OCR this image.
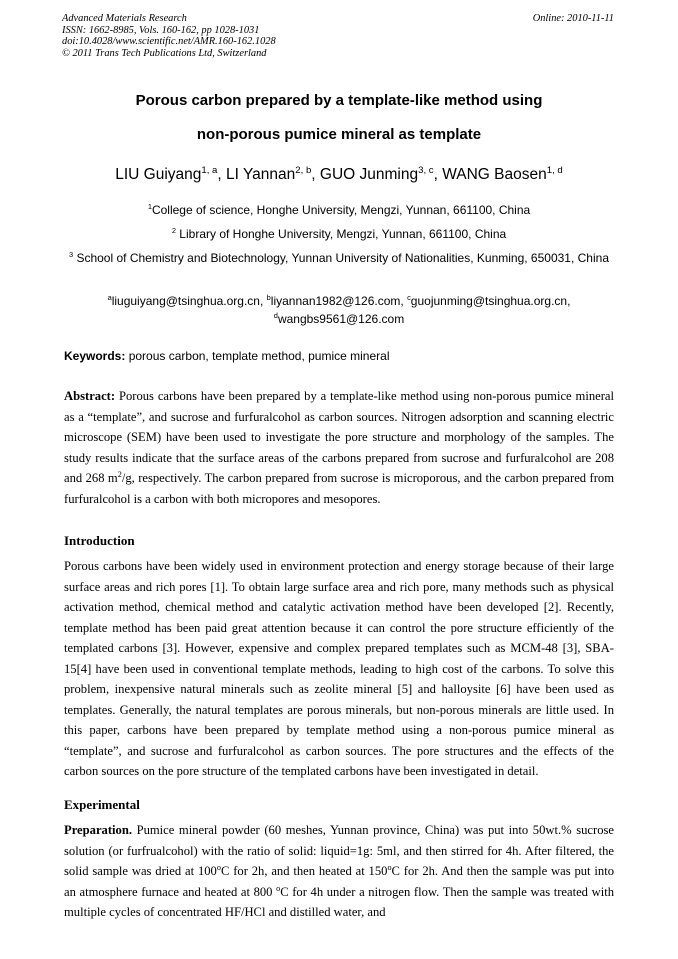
Advanced Materials Research
ISSN: 1662-8985, Vols. 160-162, pp 1028-1031
doi:10.4028/www.scientific.net/AMR.160-162.1028
© 2011 Trans Tech Publications Ltd, Switzerland
Online: 2010-11-11
Porous carbon prepared by a template-like method using
non-porous pumice mineral as template
LIU Guiyang$^{1, a}$, LI Yannan$^{2, b}$, GUO Junming$^{3, c}$, WANG Baosen$^{1, d}$
$^1$College of science, Honghe University, Mengzi, Yunnan, 661100, China
$^2$ Library of Honghe University, Mengzi, Yunnan, 661100, China
$^3$ School of Chemistry and Biotechnology, Yunnan University of Nationalities, Kunming, 650031, China
$^a$liuguiyang@tsinghua.org.cn, $^b$liyannan1982@126.com, $^c$guojunming@tsinghua.org.cn,
$^d$wangbs9561@126.com
Keywords: porous carbon, template method, pumice mineral
Abstract: Porous carbons have been prepared by a template-like method using non-porous pumice mineral as a “template”, and sucrose and furfuralcohol as carbon sources. Nitrogen adsorption and scanning electric microscope (SEM) have been used to investigate the pore structure and morphology of the samples. The study results indicate that the surface areas of the carbons prepared from sucrose and furfuralcohol are 208 and 268 $m^2/g$, respectively. The carbon prepared from sucrose is microporous, and the carbon prepared from furfuralcohol is a carbon with both micropores and mesopores.
Introduction
Porous carbons have been widely used in environment protection and energy storage because of their large surface areas and rich pores [1]. To obtain large surface area and rich pore, many methods such as physical activation method, chemical method and catalytic activation method have been developed [2]. Recently, template method has been paid great attention because it can control the pore structure efficiently of the templated carbons [3]. However, expensive and complex prepared templates such as MCM-48 [3], SBA-15[4] have been used in conventional template methods, leading to high cost of the carbons. To solve this problem, inexpensive natural minerals such as zeolite mineral [5] and halloysite [6] have been used as templates. Generally, the natural templates are porous minerals, but non-porous minerals are little used. In this paper, carbons have been prepared by template method using a non-porous pumice mineral as “template”, and sucrose and furfuralcohol as carbon sources. The pore structures and the effects of the carbon sources on the pore structure of the templated carbons have been investigated in detail.
Experimental
Preparation. Pumice mineral powder (60 meshes, Yunnan province, China) was put into 50wt.% sucrose solution (or furfrualcohol) with the ratio of solid: liquid=1g: 5ml, and then stirred for 4h. After filtered, the solid sample was dried at 100$^o$C for 2h, and then heated at 150$^o$C for 2h. And then the sample was put into an atmosphere furnace and heated at 800 $^o$C for 4h under a nitrogen flow. Then the sample was treated with multiple cycles of concentrated HF/HCl and distilled water, and
